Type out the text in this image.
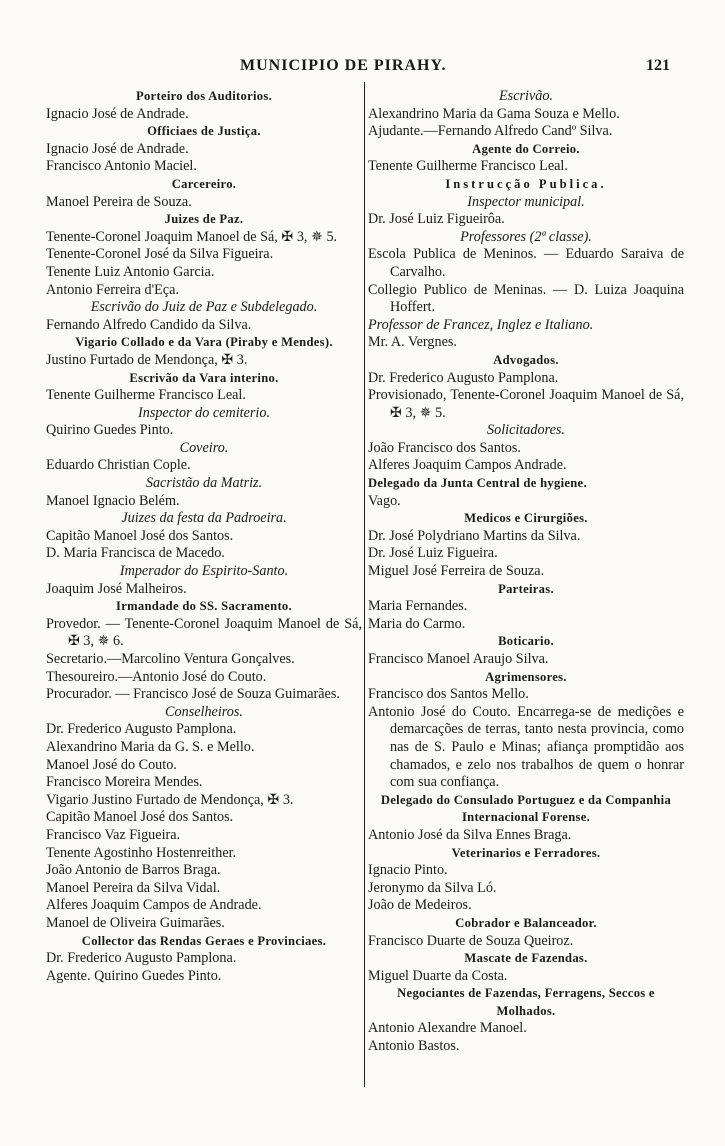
MUNICIPIO DE PIRAHY.	121
Porteiro dos Auditorios.
Ignacio José de Andrade.
Officiaes de Justiça.
Ignacio José de Andrade.
Francisco Antonio Maciel.
Carcereiro.
Manoel Pereira de Souza.
Juizes de Paz.
Tenente-Coronel Joaquim Manoel de Sá, ✠ 3, ✵ 5.
Tenente-Coronel José da Silva Figueira.
Tenente Luiz Antonio Garcia.
Antonio Ferreira d'Eça.
Escrivão do Juiz de Paz e Subdelegado.
Fernando Alfredo Candido da Silva.
Vigario Collado e da Vara (Piraby e Mendes).
Justino Furtado de Mendonça, ✠ 3.
Escrivão da Vara interino.
Tenente Guilherme Francisco Leal.
Inspector do cemiterio.
Quirino Guedes Pinto.
Coveiro.
Eduardo Christian Cople.
Sacristão da Matriz.
Manoel Ignacio Belém.
Juizes da festa da Padroeira.
Capitão Manoel José dos Santos.
D. Maria Francisca de Macedo.
Imperador do Espirito-Santo.
Joaquim José Malheiros.
Irmandade do SS. Sacramento.
Provedor. — Tenente-Coronel Joaquim Manoel de Sá, ✠ 3, ✵ 6.
Secretario.—Marcolino Ventura Gonçalves.
Thesoureiro.—Antonio José do Couto.
Procurador. — Francisco José de Souza Guimarães.
Conselheiros.
Dr. Frederico Augusto Pamplona.
Alexandrino Maria da G. S. e Mello.
Manoel José do Couto.
Francisco Moreira Mendes.
Vigario Justino Furtado de Mendonça, ✠ 3.
Capitão Manoel José dos Santos.
Francisco Vaz Figueira.
Tenente Agostinho Hostenreither.
João Antonio de Barros Braga.
Manoel Pereira da Silva Vidal.
Alferes Joaquim Campos de Andrade.
Manoel de Oliveira Guimarães.
Collector das Rendas Geraes e Provinciaes.
Dr. Frederico Augusto Pamplona.
Agente. Quirino Guedes Pinto.
Escrivão.
Alexandrino Maria da Gama Souza e Mello.
Ajudante.—Fernando Alfredo Candº Silva.
Agente do Correio.
Tenente Guilherme Francisco Leal.
Instrucção Publica.
Inspector municipal.
Dr. José Luiz Figueirôa.
Professores (2ª classe).
Escola Publica de Meninos. — Eduardo Saraiva de Carvalho.
Collegio Publico de Meninas. — D. Luiza Joaquina Hoffert.
Professor de Francez, Inglez e Italiano.
Mr. A. Vergnes.
Advogados.
Dr. Frederico Augusto Pamplona.
Provisionado, Tenente-Coronel Joaquim Manoel de Sá, ✠ 3, ✵ 5.
Solicitadores.
João Francisco dos Santos.
Alferes Joaquim Campos Andrade.
Delegado da Junta Central de hygiene.
Vago.
Medicos e Cirurgiões.
Dr. José Polydriano Martins da Silva.
Dr. José Luiz Figueira.
Miguel José Ferreira de Souza.
Parteiras.
Maria Fernandes.
Maria do Carmo.
Boticario.
Francisco Manoel Araujo Silva.
Agrimensores.
Francisco dos Santos Mello.
Antonio José do Couto. Encarrega-se de medições e demarcações de terras, tanto nesta provincia, como nas de S. Paulo e Minas; afiança promptidão aos chamados, e zelo nos trabalhos de quem o honrar com sua confiança.
Delegado do Consulado Portuguez e da Companhia Internacional Forense.
Antonio José da Silva Ennes Braga.
Veterinarios e Ferradores.
Ignacio Pinto.
Jeronymo da Silva Ló.
João de Medeiros.
Cobrador e Balanceador.
Francisco Duarte de Souza Queiroz.
Mascate de Fazendas.
Miguel Duarte da Costa.
Negociantes de Fazendas, Ferragens, Seccos e Molhados.
Antonio Alexandre Manoel.
Antonio Bastos.
